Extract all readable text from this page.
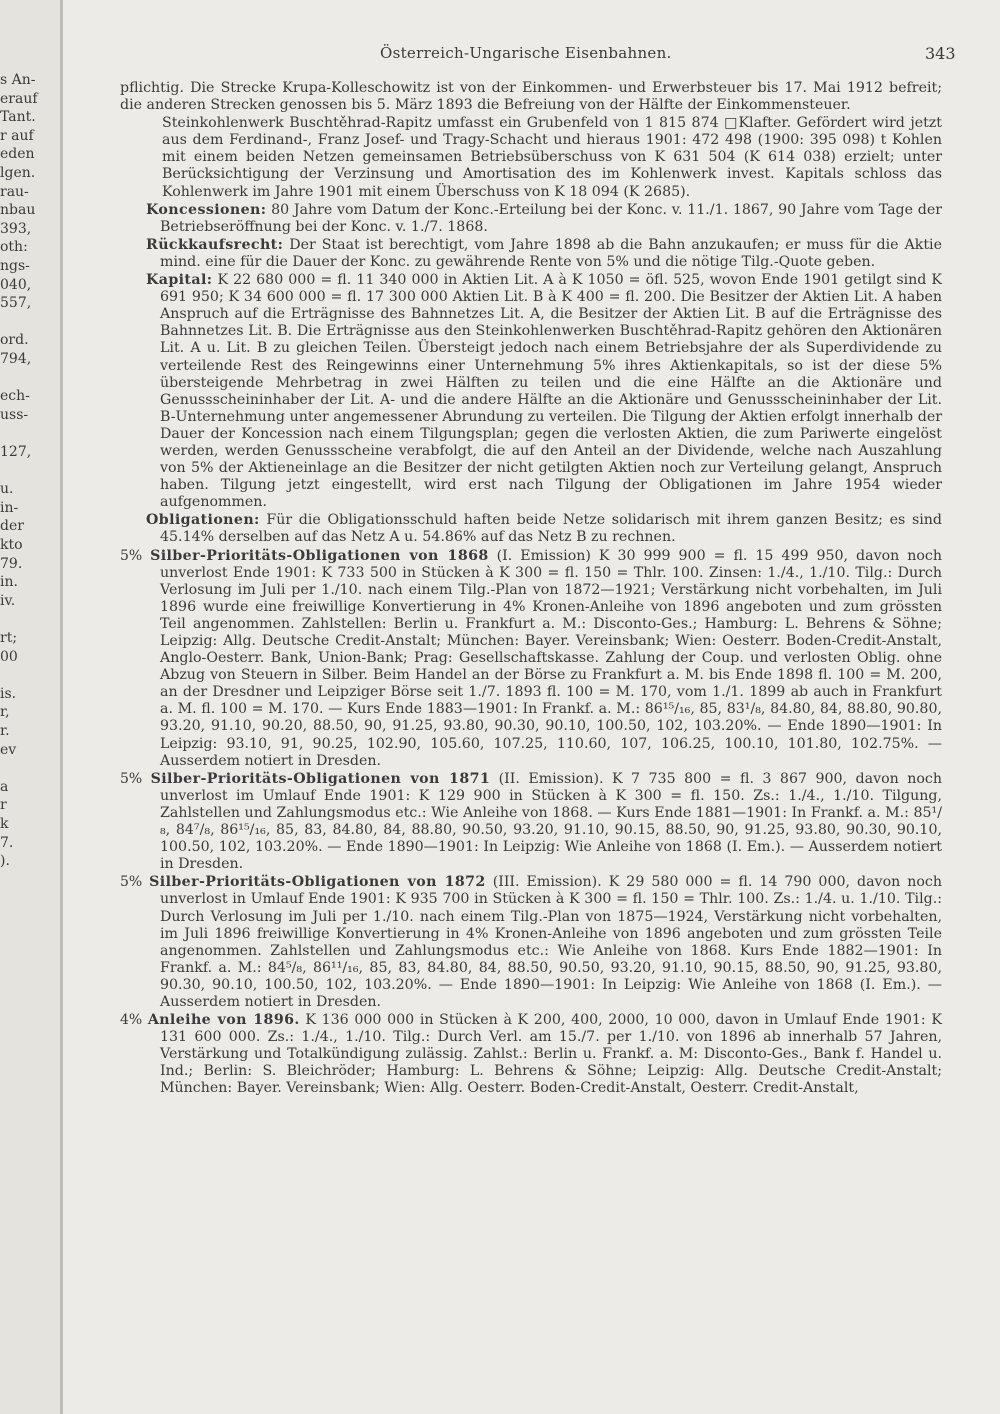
s An-
erauf
Tant.
r auf
eden
lgen.
rau-
nbau
393,
oth:
ngs-
040,
557,
ord.
794,
ech-
uss-
127,
u.
in-
der
kto
79.
in.
iv.
rt;
00
is.
r,
r.
ev
a
r
k
7.
).
Österreich-Ungarische Eisenbahnen.	343

pflichtig. Die Strecke Krupa-Kolleschowitz ist von der Einkommen- und Erwerbsteuer bis 17. Mai 1912 befreit; die anderen Strecken genossen bis 5. März 1893 die Befreiung von der Hälfte der Einkommensteuer.

Steinkohlenwerk Buschtěhrad-Rapitz umfasst ein Grubenfeld von 1 815 874 □Klafter. Gefördert wird jetzt aus dem Ferdinand-, Franz Josef- und Tragy-Schacht und hieraus 1901: 472 498 (1900: 395 098) t Kohlen mit einem beiden Netzen gemeinsamen Betriebsüberschuss von K 631 504 (K 614 038) erzielt; unter Berücksichtigung der Verzinsung und Amortisation des im Kohlenwerk invest. Kapitals schloss das Kohlenwerk im Jahre 1901 mit einem Überschuss von K 18 094 (K 2685).

Koncessionen: 80 Jahre vom Datum der Konc.-Erteilung bei der Konc. v. 11./1. 1867, 90 Jahre vom Tage der Betriebseröffnung bei der Konc. v. 1./7. 1868.

Rückkaufsrecht: Der Staat ist berechtigt, vom Jahre 1898 ab die Bahn anzukaufen; er muss für die Aktie mind. eine für die Dauer der Konc. zu gewährende Rente von 5% und die nötige Tilg.-Quote geben.

Kapital: K 22 680 000 = fl. 11 340 000 in Aktien Lit. A à K 1050 = öfl. 525, wovon Ende 1901 getilgt sind K 691 950; K 34 600 000 = fl. 17 300 000 Aktien Lit. B à K 400 = fl. 200. Die Besitzer der Aktien Lit. A haben Anspruch auf die Erträgnisse des Bahnnetzes Lit. A, die Besitzer der Aktien Lit. B auf die Erträgnisse des Bahnnetzes Lit. B. Die Erträgnisse aus den Steinkohlenwerken Buschtěhrad-Rapitz gehören den Aktionären Lit. A u. Lit. B zu gleichen Teilen. Übersteigt jedoch nach einem Betriebsjahre der als Superdividende zu verteilende Rest des Reingewinns einer Unternehmung 5% ihres Aktienkapitals, so ist der diese 5% übersteigende Mehrbetrag in zwei Hälften zu teilen und die eine Hälfte an die Aktionäre und Genussscheininhaber der Lit. A- und die andere Hälfte an die Aktionäre und Genussscheininhaber der Lit. B-Unternehmung unter angemessener Abrundung zu verteilen. Die Tilgung der Aktien erfolgt innerhalb der Dauer der Koncession nach einem Tilgungsplan; gegen die verlosten Aktien, die zum Pariwerte eingelöst werden, werden Genussscheine verabfolgt, die auf den Anteil an der Dividende, welche nach Auszahlung von 5% der Aktieneinlage an die Besitzer der nicht getilgten Aktien noch zur Verteilung gelangt, Anspruch haben. Tilgung jetzt eingestellt, wird erst nach Tilgung der Obligationen im Jahre 1954 wieder aufgenommen.

Obligationen: Für die Obligationsschuld haften beide Netze solidarisch mit ihrem ganzen Besitz; es sind 45.14% derselben auf das Netz A u. 54.86% auf das Netz B zu rechnen.

5% Silber-Prioritäts-Obligationen von 1868 (I. Emission) K 30 999 900 = fl. 15 499 950, davon noch unverlost Ende 1901: K 733 500 in Stücken à K 300 = fl. 150 = Thlr. 100. Zinsen: 1./4., 1./10. Tilg.: Durch Verlosung im Juli per 1./10. nach einem Tilg.-Plan von 1872—1921; Verstärkung nicht vorbehalten, im Juli 1896 wurde eine freiwillige Konvertierung in 4% Kronen-Anleihe von 1896 angeboten und zum grössten Teil angenommen. Zahlstellen: Berlin u. Frankfurt a. M.: Disconto-Ges.; Hamburg: L. Behrens & Söhne; Leipzig: Allg. Deutsche Credit-Anstalt; München: Bayer. Vereinsbank; Wien: Oesterr. Boden-Credit-Anstalt, Anglo-Oesterr. Bank, Union-Bank; Prag: Gesellschaftskasse. Zahlung der Coup. und verlosten Oblig. ohne Abzug von Steuern in Silber. Beim Handel an der Börse zu Frankfurt a. M. bis Ende 1898 fl. 100 = M. 200, an der Dresdner und Leipziger Börse seit 1./7. 1893 fl. 100 = M. 170, vom 1./1. 1899 ab auch in Frankfurt a. M. fl. 100 = M. 170. — Kurs Ende 1883—1901: In Frankf. a. M.: 86¹⁵/₁₆, 85, 83¹/₈, 84.80, 84, 88.80, 90.80, 93.20, 91.10, 90.20, 88.50, 90, 91.25, 93.80, 90.30, 90.10, 100.50, 102, 103.20%. — Ende 1890—1901: In Leipzig: 93.10, 91, 90.25, 102.90, 105.60, 107.25, 110.60, 107, 106.25, 100.10, 101.80, 102.75%. — Ausserdem notiert in Dresden.

5% Silber-Prioritäts-Obligationen von 1871 (II. Emission). K 7 735 800 = fl. 3 867 900, davon noch unverlost im Umlauf Ende 1901: K 129 900 in Stücken à K 300 = fl. 150. Zs.: 1./4., 1./10. Tilgung, Zahlstellen und Zahlungsmodus etc.: Wie Anleihe von 1868. — Kurs Ende 1881—1901: In Frankf. a. M.: 85¹/₈, 84⁷/₈, 86¹⁵/₁₆, 85, 83, 84.80, 84, 88.80, 90.50, 93.20, 91.10, 90.15, 88.50, 90, 91.25, 93.80, 90.30, 90.10, 100.50, 102, 103.20%. — Ende 1890—1901: In Leipzig: Wie Anleihe von 1868 (I. Em.). — Ausserdem notiert in Dresden.

5% Silber-Prioritäts-Obligationen von 1872 (III. Emission). K 29 580 000 = fl. 14 790 000, davon noch unverlost in Umlauf Ende 1901: K 935 700 in Stücken à K 300 = fl. 150 = Thlr. 100. Zs.: 1./4. u. 1./10. Tilg.: Durch Verlosung im Juli per 1./10. nach einem Tilg.-Plan von 1875—1924, Verstärkung nicht vorbehalten, im Juli 1896 freiwillige Konvertierung in 4% Kronen-Anleihe von 1896 angeboten und zum grössten Teile angenommen. Zahlstellen und Zahlungsmodus etc.: Wie Anleihe von 1868. Kurs Ende 1882—1901: In Frankf. a. M.: 84⁵/₈, 86¹¹/₁₆, 85, 83, 84.80, 84, 88.50, 90.50, 93.20, 91.10, 90.15, 88.50, 90, 91.25, 93.80, 90.30, 90.10, 100.50, 102, 103.20%. — Ende 1890—1901: In Leipzig: Wie Anleihe von 1868 (I. Em.). — Ausserdem notiert in Dresden.

4% Anleihe von 1896. K 136 000 000 in Stücken à K 200, 400, 2000, 10 000, davon in Umlauf Ende 1901: K 131 600 000. Zs.: 1./4., 1./10. Tilg.: Durch Verl. am 15./7. per 1./10. von 1896 ab innerhalb 57 Jahren, Verstärkung und Totalkündigung zulässig. Zahlst.: Berlin u. Frankf. a. M: Disconto-Ges., Bank f. Handel u. Ind.; Berlin: S. Bleichröder; Hamburg: L. Behrens & Söhne; Leipzig: Allg. Deutsche Credit-Anstalt; München: Bayer. Vereinsbank; Wien: Allg. Oesterr. Boden-Credit-Anstalt, Oesterr. Credit-Anstalt,
